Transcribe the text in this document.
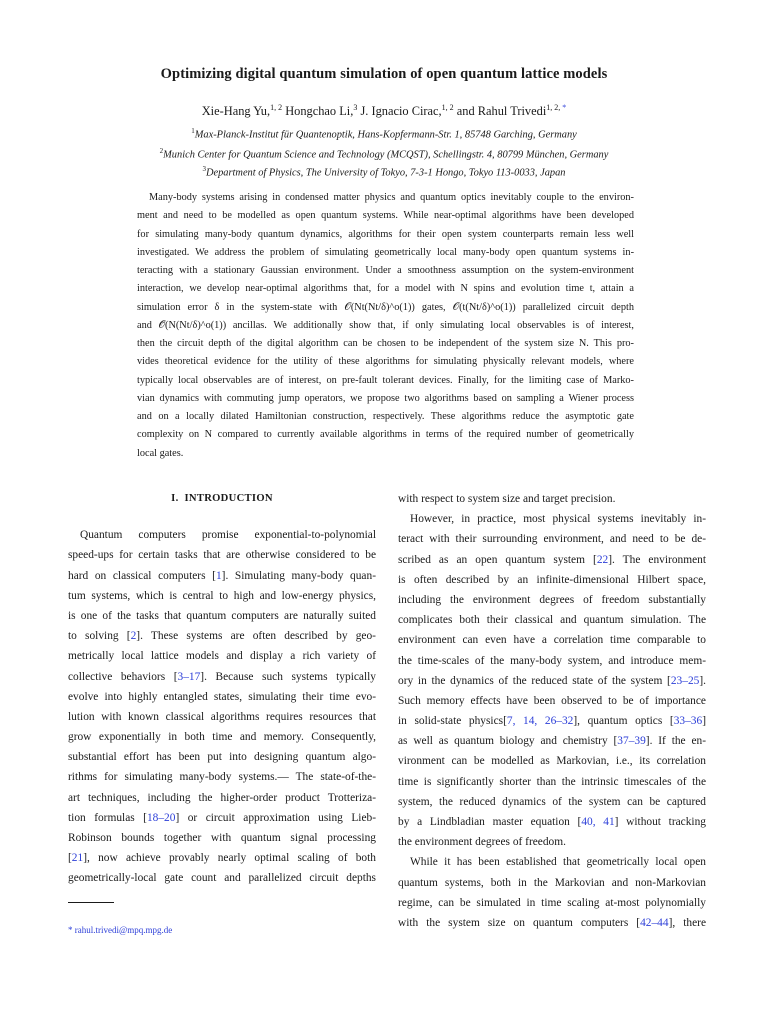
Optimizing digital quantum simulation of open quantum lattice models
Xie-Hang Yu,$^{1, 2}$ Hongchao Li,$^3$ J. Ignacio Cirac,$^{1, 2}$ and Rahul Trivedi$^{1, 2, *}$
$^1$Max-Planck-Institut für Quantenoptik, Hans-Kopfermann-Str. 1, 85748 Garching, Germany
$^2$Munich Center for Quantum Science and Technology (MCQST), Schellingstr. 4, 80799 München, Germany
$^3$Department of Physics, The University of Tokyo, 7-3-1 Hongo, Tokyo 113-0033, Japan
Many-body systems arising in condensed matter physics and quantum optics inevitably couple to the environ-
ment and need to be modelled as open quantum systems. While near-optimal algorithms have been developed
for simulating many-body quantum dynamics, algorithms for their open system counterparts remain less well
investigated. We address the problem of simulating geometrically local many-body open quantum systems in-
teracting with a stationary Gaussian environment. Under a smoothness assumption on the system-environment
interaction, we develop near-optimal algorithms that, for a model with N spins and evolution time t, attain a
simulation error δ in the system-state with 𝒪(Nt(Nt/δ)^o(1)) gates, 𝒪(t(Nt/δ)^o(1)) parallelized circuit depth
and 𝒪̃(N(Nt/δ)^o(1)) ancillas. We additionally show that, if only simulating local observables is of interest,
then the circuit depth of the digital algorithm can be chosen to be independent of the system size N. This pro-
vides theoretical evidence for the utility of these algorithms for simulating physically relevant models, where
typically local observables are of interest, on pre-fault tolerant devices. Finally, for the limiting case of Marko-
vian dynamics with commuting jump operators, we propose two algorithms based on sampling a Wiener process
and on a locally dilated Hamiltonian construction, respectively. These algorithms reduce the asymptotic gate
complexity on N compared to currently available algorithms in terms of the required number of geometrically
local gates.
I. INTRODUCTION
Quantum computers promise exponential-to-polynomial
speed-ups for certain tasks that are otherwise considered to be
hard on classical computers [1]. Simulating many-body quan-
tum systems, which is central to high and low-energy physics,
is one of the tasks that quantum computers are naturally suited
to solving [2]. These systems are often described by geo-
metrically local lattice models and display a rich variety of
collective behaviors [3–17]. Because such systems typically
evolve into highly entangled states, simulating their time evo-
lution with known classical algorithms requires resources that
grow exponentially in both time and memory. Consequently,
substantial effort has been put into designing quantum algo-
rithms for simulating many-body systems.— The state-of-the-
art techniques, including the higher-order product Trotteriza-
tion formulas [18–20] or circuit approximation using Lieb-
Robinson bounds together with quantum signal processing
[21], now achieve provably nearly optimal scaling of both
geometrically-local gate count and parallelized circuit depths
with respect to system size and target precision.
However, in practice, most physical systems inevitably in-
teract with their surrounding environment, and need to be de-
scribed as an open quantum system [22]. The environment
is often described by an infinite-dimensional Hilbert space,
including the environment degrees of freedom substantially
complicates both their classical and quantum simulation. The
environment can even have a correlation time comparable to
the time-scales of the many-body system, and introduce mem-
ory in the dynamics of the reduced state of the system [23–25].
Such memory effects have been observed to be of importance
in solid-state physics[7, 14, 26–32], quantum optics [33–36]
as well as quantum biology and chemistry [37–39]. If the en-
vironment can be modelled as Markovian, i.e., its correlation
time is significantly shorter than the intrinsic timescales of the
system, the reduced dynamics of the system can be captured
by a Lindbladian master equation [40, 41] without tracking
the environment degrees of freedom.
While it has been established that geometrically local open
quantum systems, both in the Markovian and non-Markovian
regime, can be simulated in time scaling at-most polynomially
with the system size on quantum computers [42–44], there
* rahul.trivedi@mpq.mpg.de
